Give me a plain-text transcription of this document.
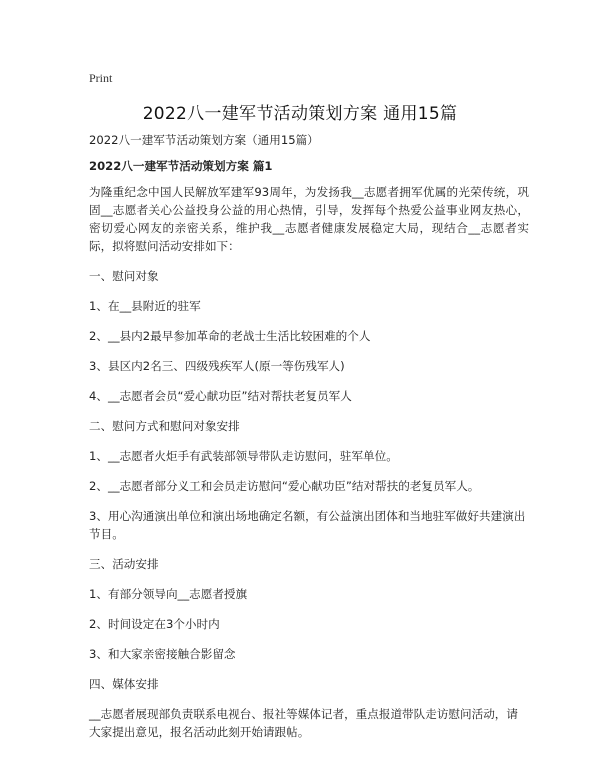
Print
2022八一建军节活动策划方案 通用15篇
2022八一建军节活动策划方案（通用15篇）
2022八一建军节活动策划方案 篇1
为隆重纪念中国人民解放军建军93周年，为发扬我__志愿者拥军优属的光荣传统，巩固__志愿者关心公益投身公益的用心热情，引导，发挥每个热爱公益事业网友热心，密切爱心网友的亲密关系，维护我__志愿者健康发展稳定大局，现结合__志愿者实际，拟将慰问活动安排如下：
一、慰问对象
1、在__县附近的驻军
2、__县内2最早参加革命的老战士生活比较困难的个人
3、县区内2名三、四级残疾军人(原一等伤残军人)
4、__志愿者会员“爱心献功臣”结对帮扶老复员军人
二、慰问方式和慰问对象安排
1、__志愿者火炬手有武装部领导带队走访慰问，驻军单位。
2、__志愿者部分义工和会员走访慰问“爱心献功臣”结对帮扶的老复员军人。
3、用心沟通演出单位和演出场地确定名额，有公益演出团体和当地驻军做好共建演出节目。
三、活动安排
1、有部分领导向__志愿者授旗
2、时间设定在3个小时内
3、和大家亲密接触合影留念
四、媒体安排
__志愿者展现部负责联系电视台、报社等媒体记者，重点报道带队走访慰问活动，请大家提出意见，报名活动此刻开始请跟帖。
